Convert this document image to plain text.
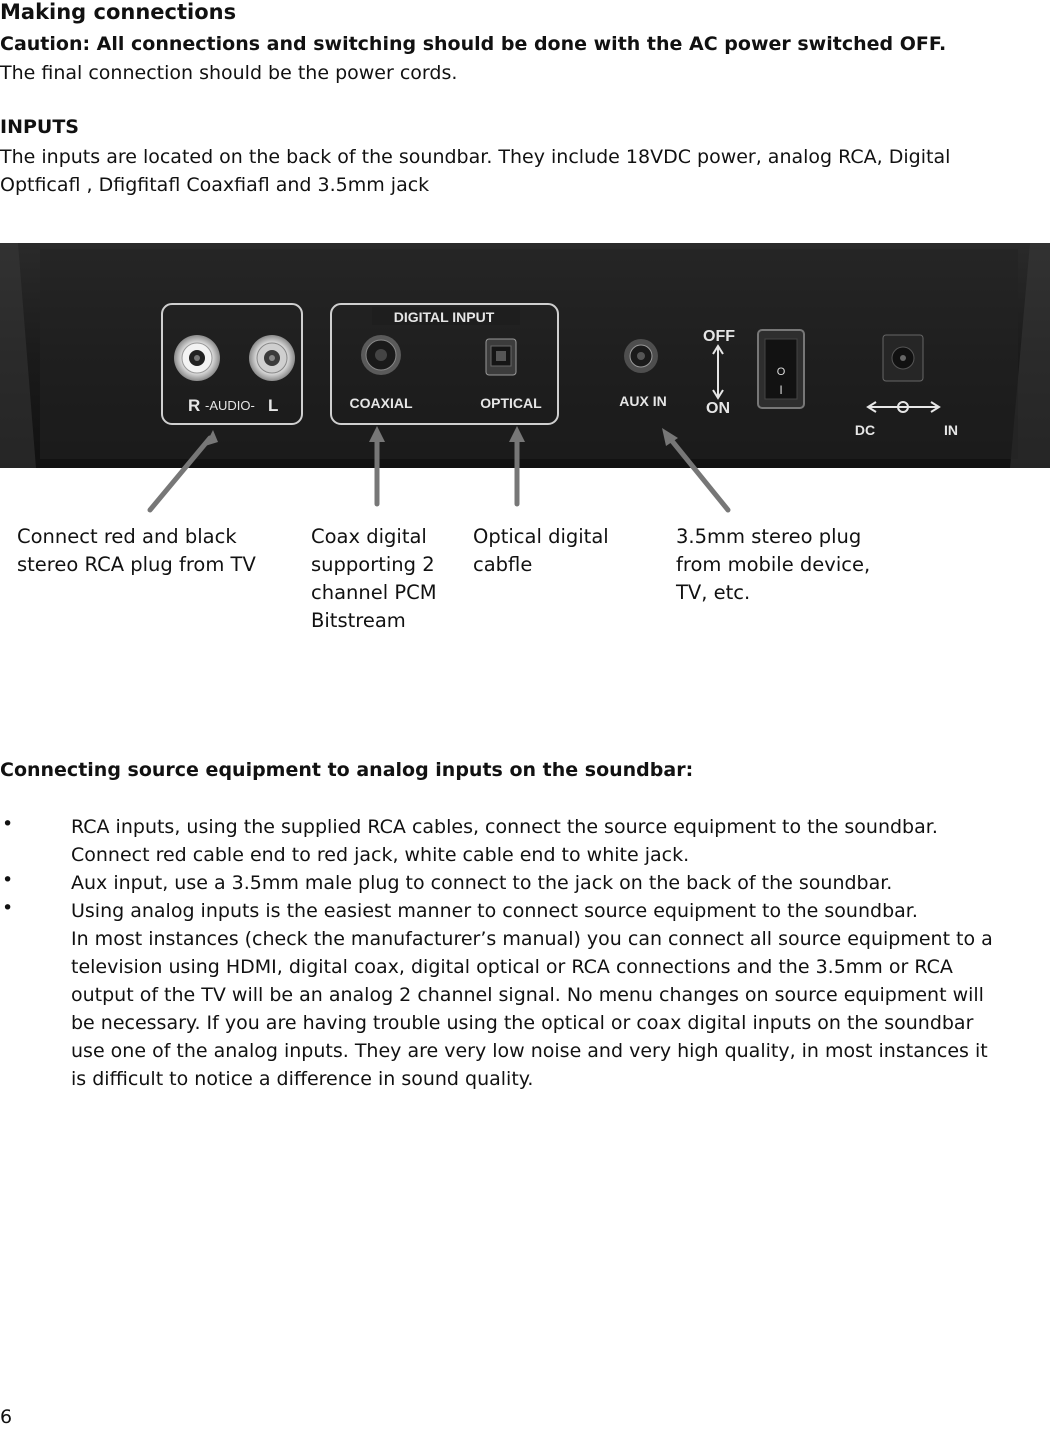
Making connections
Caution: All connections and switching should be done with the AC power switched OFF.
The final connection should be the power cords.
INPUTS
The inputs are located on the back of the soundbar. They include 18VDC power, analog RCA, Digital
Optficafl , Dfigfitafl Coaxfiafl and 3.5mm jack
R -AUDIO- L
DIGITAL INPUT
COAXIAL	OPTICAL	AUX IN
OFF
ON
O
I
DC	IN
Connect red and black
stereo RCA plug from TV
Coax digital
supporting 2
channel PCM
Bitstream
Optical digital
cabfle
3.5mm stereo plug
from mobile device,
TV, etc.
Connecting source equipment to analog inputs on the soundbar:
•	RCA inputs, using the supplied RCA cables, connect the source equipment to the soundbar.
Connect red cable end to red jack, white cable end to white jack.
•	Aux input, use a 3.5mm male plug to connect to the jack on the back of the soundbar.
•	Using analog inputs is the easiest manner to connect source equipment to the soundbar.
In most instances (check the manufacturer’s manual) you can connect all source equipment to a
television using HDMI, digital coax, digital optical or RCA connections and the 3.5mm or RCA
output of the TV will be an analog 2 channel signal. No menu changes on source equipment will
be necessary. If you are having trouble using the optical or coax digital inputs on the soundbar
use one of the analog inputs. They are very low noise and very high quality, in most instances it
is difficult to notice a difference in sound quality.
6
